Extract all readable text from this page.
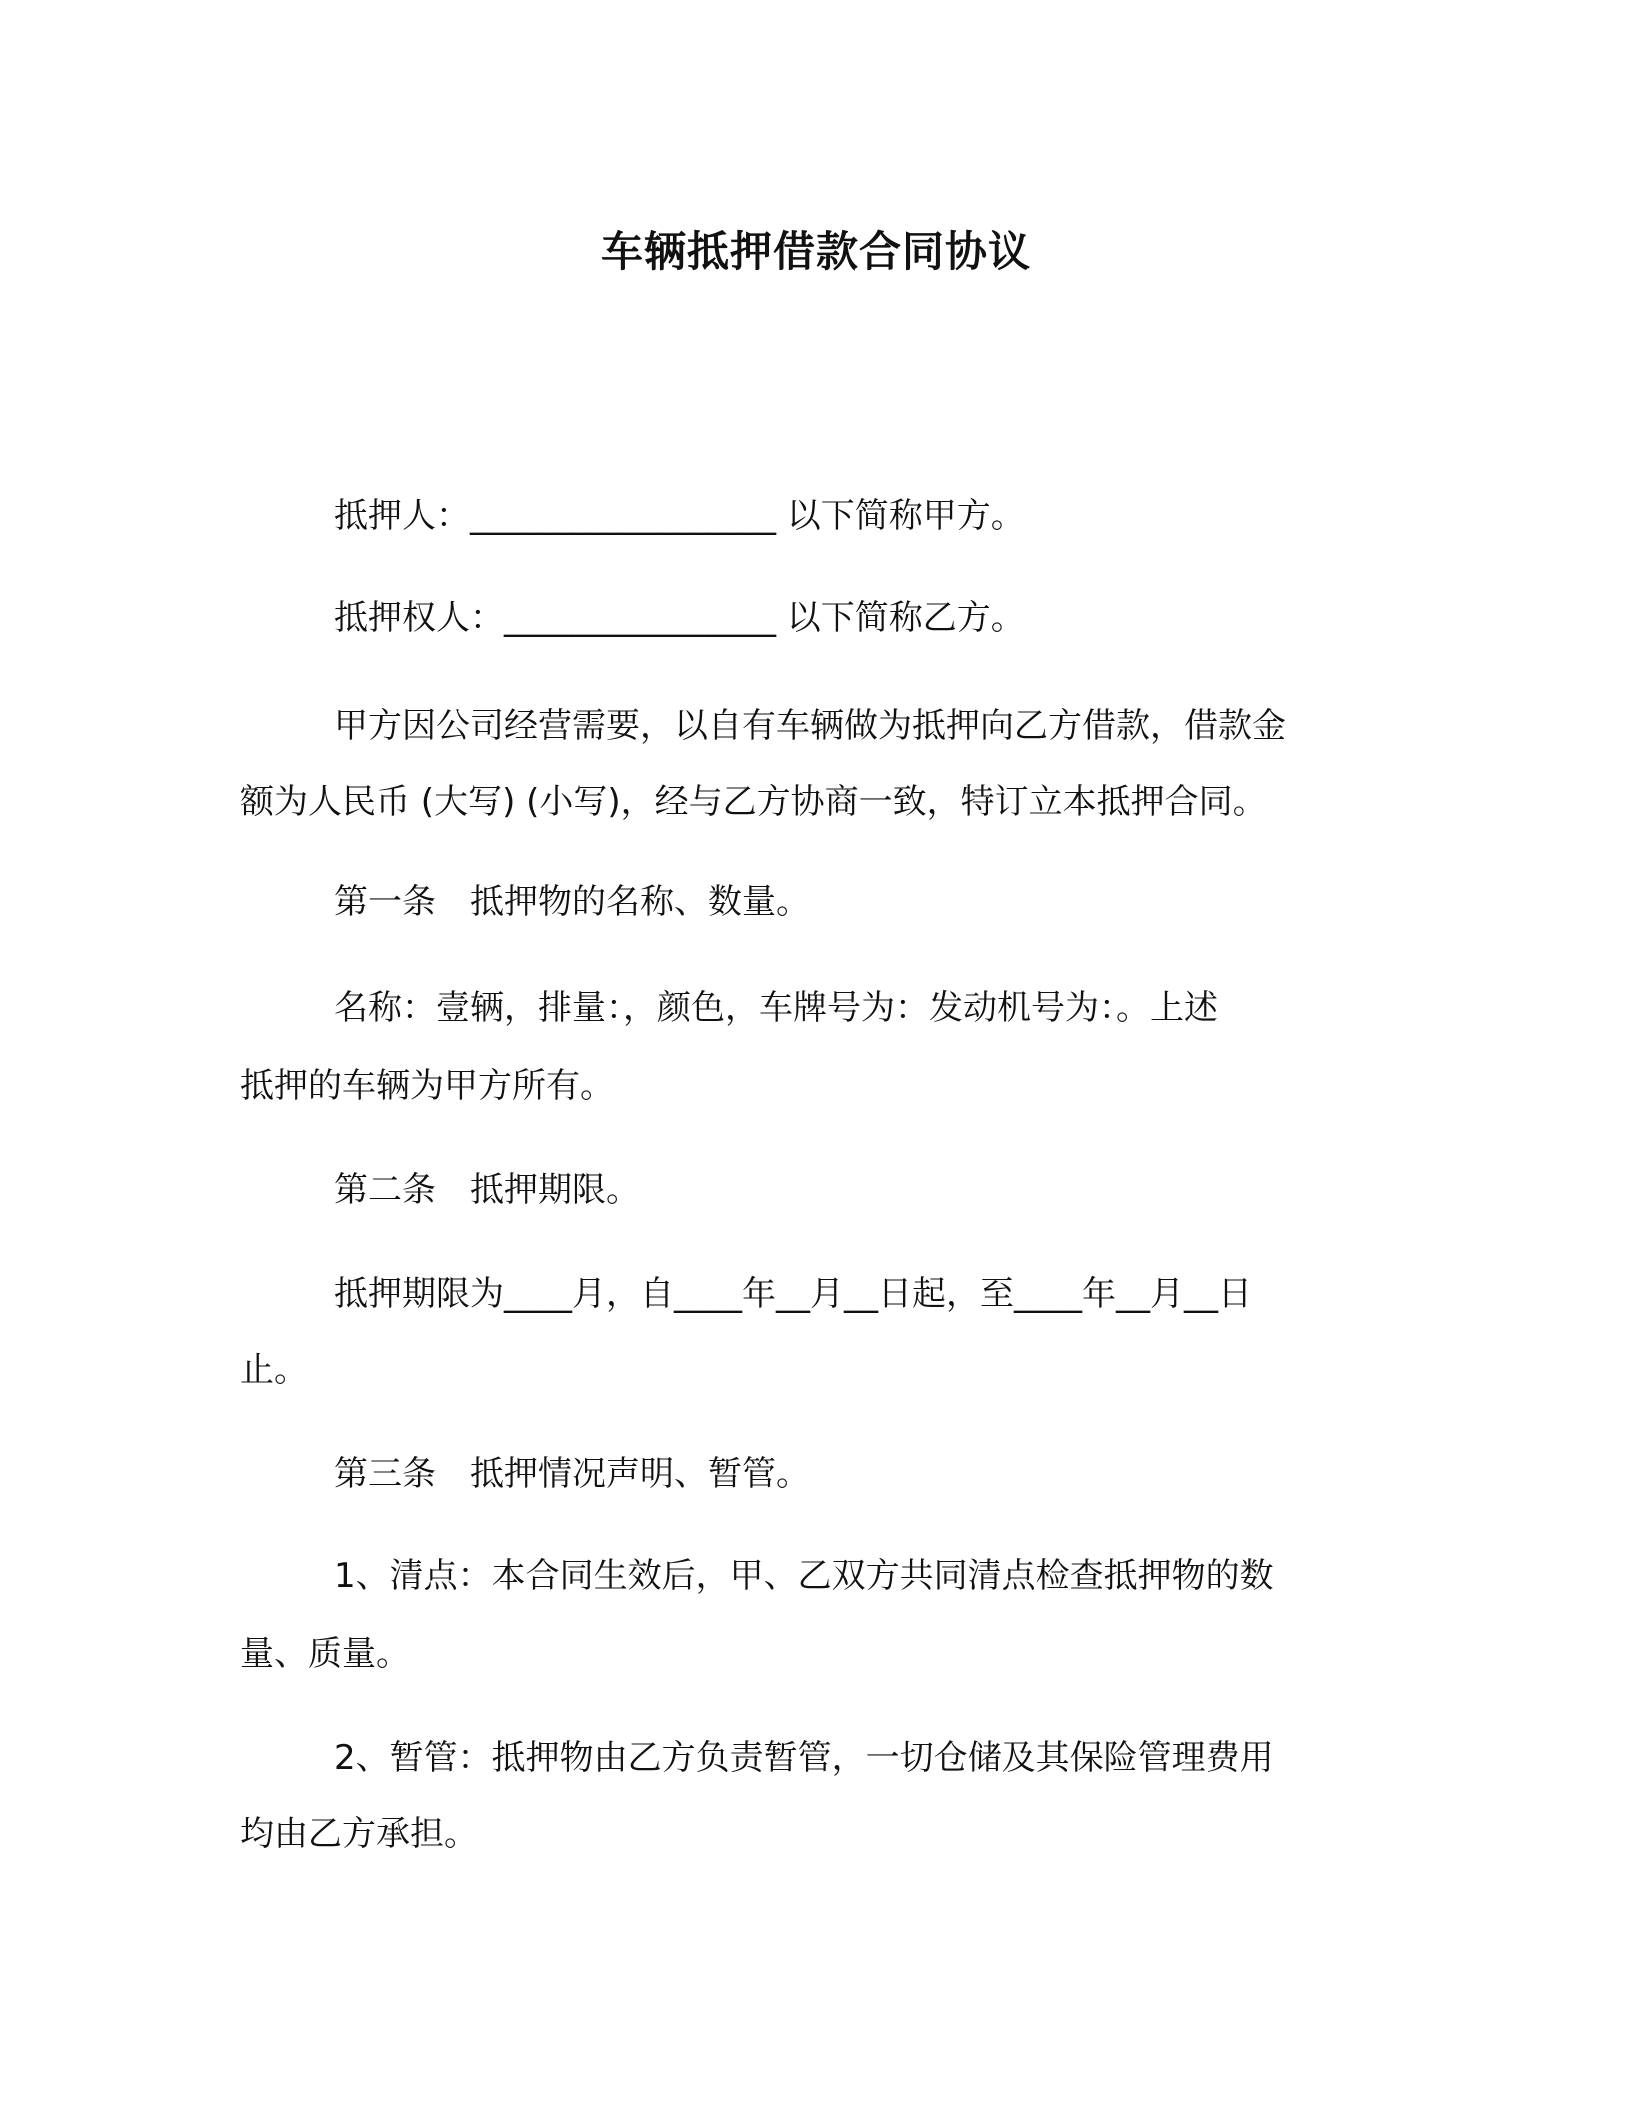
车辆抵押借款合同协议
抵押人：__________________ 以下简称甲方。
抵押权人：________________ 以下简称乙方。
甲方因公司经营需要，以自有车辆做为抵押向乙方借款，借款金
额为人民币 (大写) (小写)，经与乙方协商一致，特订立本抵押合同。
第一条 抵押物的名称、数量。
名称：壹辆，排量：，颜色，车牌号为：发动机号为：。上述
抵押的车辆为甲方所有。
第二条 抵押期限。
抵押期限为____月，自____年__月__日起，至____年__月__日
止。
第三条 抵押情况声明、暂管。
1、清点：本合同生效后，甲、乙双方共同清点检查抵押物的数
量、质量。
2、暂管：抵押物由乙方负责暂管，一切仓储及其保险管理费用
均由乙方承担。
